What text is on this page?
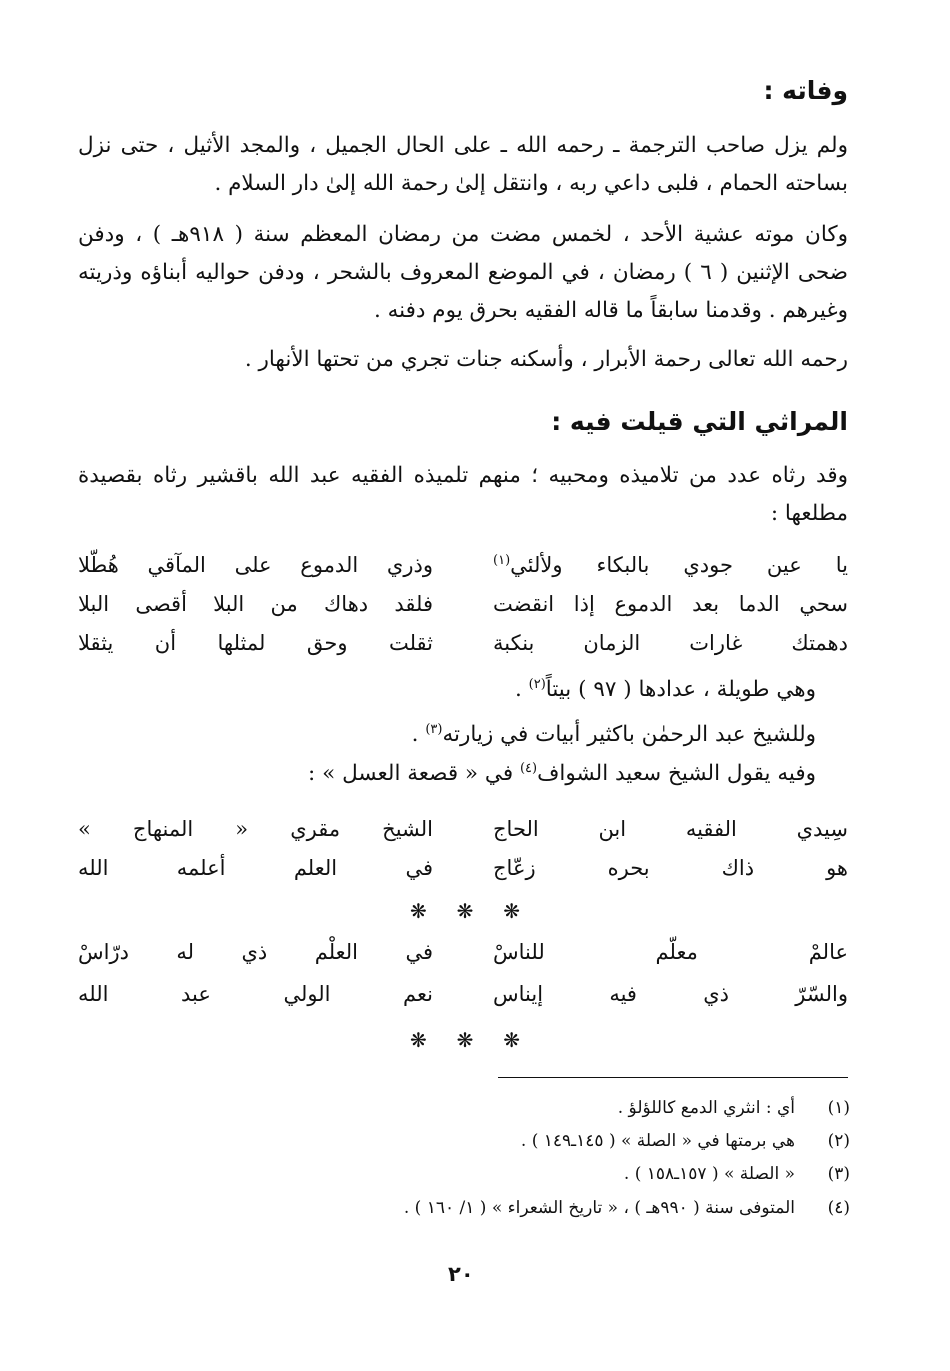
وفاته :

ولم يزل صاحب الترجمة ـ رحمه الله ـ على الحال الجميل ، والمجد الأثيل ، حتى نزل بساحته الحمام ، فلبى داعي ربه ، وانتقل إلىٰ رحمة الله إلىٰ دار السلام .

وكان موته عشية الأحد ، لخمس مضت من رمضان المعظم سنة ( ٩١٨هـ ) ، ودفن ضحى الإثنين ( ٦ ) رمضان ، في الموضع المعروف بالشحر ، ودفن حواليه أبناؤه وذريته وغيرهم . وقدمنا سابقاً ما قاله الفقيه بحرق يوم دفنه .

رحمه الله تعالى رحمة الأبرار ، وأسكنه جنات تجري من تحتها الأنهار .

المراثي التي قيلت فيه :

وقد رثاه عدد من تلاميذه ومحبيه ؛ منهم تلميذه الفقيه عبد الله باقشير رثاه بقصيدة مطلعها :

يا عين جودي بالبكاء ولألئي$^{(١)}$
وذري الدموع على المآقي هُطّلا
سحي الدما بعد الدموع إذا انقضت
فلقد دهاك من البلا أقصى البلا
دهمتك غارات الزمان بنكبة
ثقلت وحق لمثلها أن يثقلا

وهي طويلة ، عدادها ( ٩٧ ) بيتاً$^{(٢)}$ .

وللشيخ عبد الرحمٰن باكثير أبيات في زيارته$^{(٣)}$ .

وفيه يقول الشيخ سعيد الشواف$^{(٤)}$ في « قصعة العسل » :

سِيدي الفقيه ابن الحاج
الشيخ مقري « المنهاج »
هو ذاك بحره زعّاج
في العلم أعلمه الله
❋
❋
❋
عالمْ معلّم للناسْ
في العلْم ذي له درّاسْ
والسّرّ ذي فيه إيناس
نعم الولي عبد الله
❋
❋
❋
(١)أي : انثري الدمع كاللؤلؤ .
(٢)هي برمتها في « الصلة » ( ١٤٥ـ١٤٩ ) .
(٣)« الصلة » ( ١٥٧ـ١٥٨ ) .
(٤)المتوفى سنة ( ٩٩٠هـ ) ، « تاريخ الشعراء » ( ١/ ١٦٠ ) .
٢٠
